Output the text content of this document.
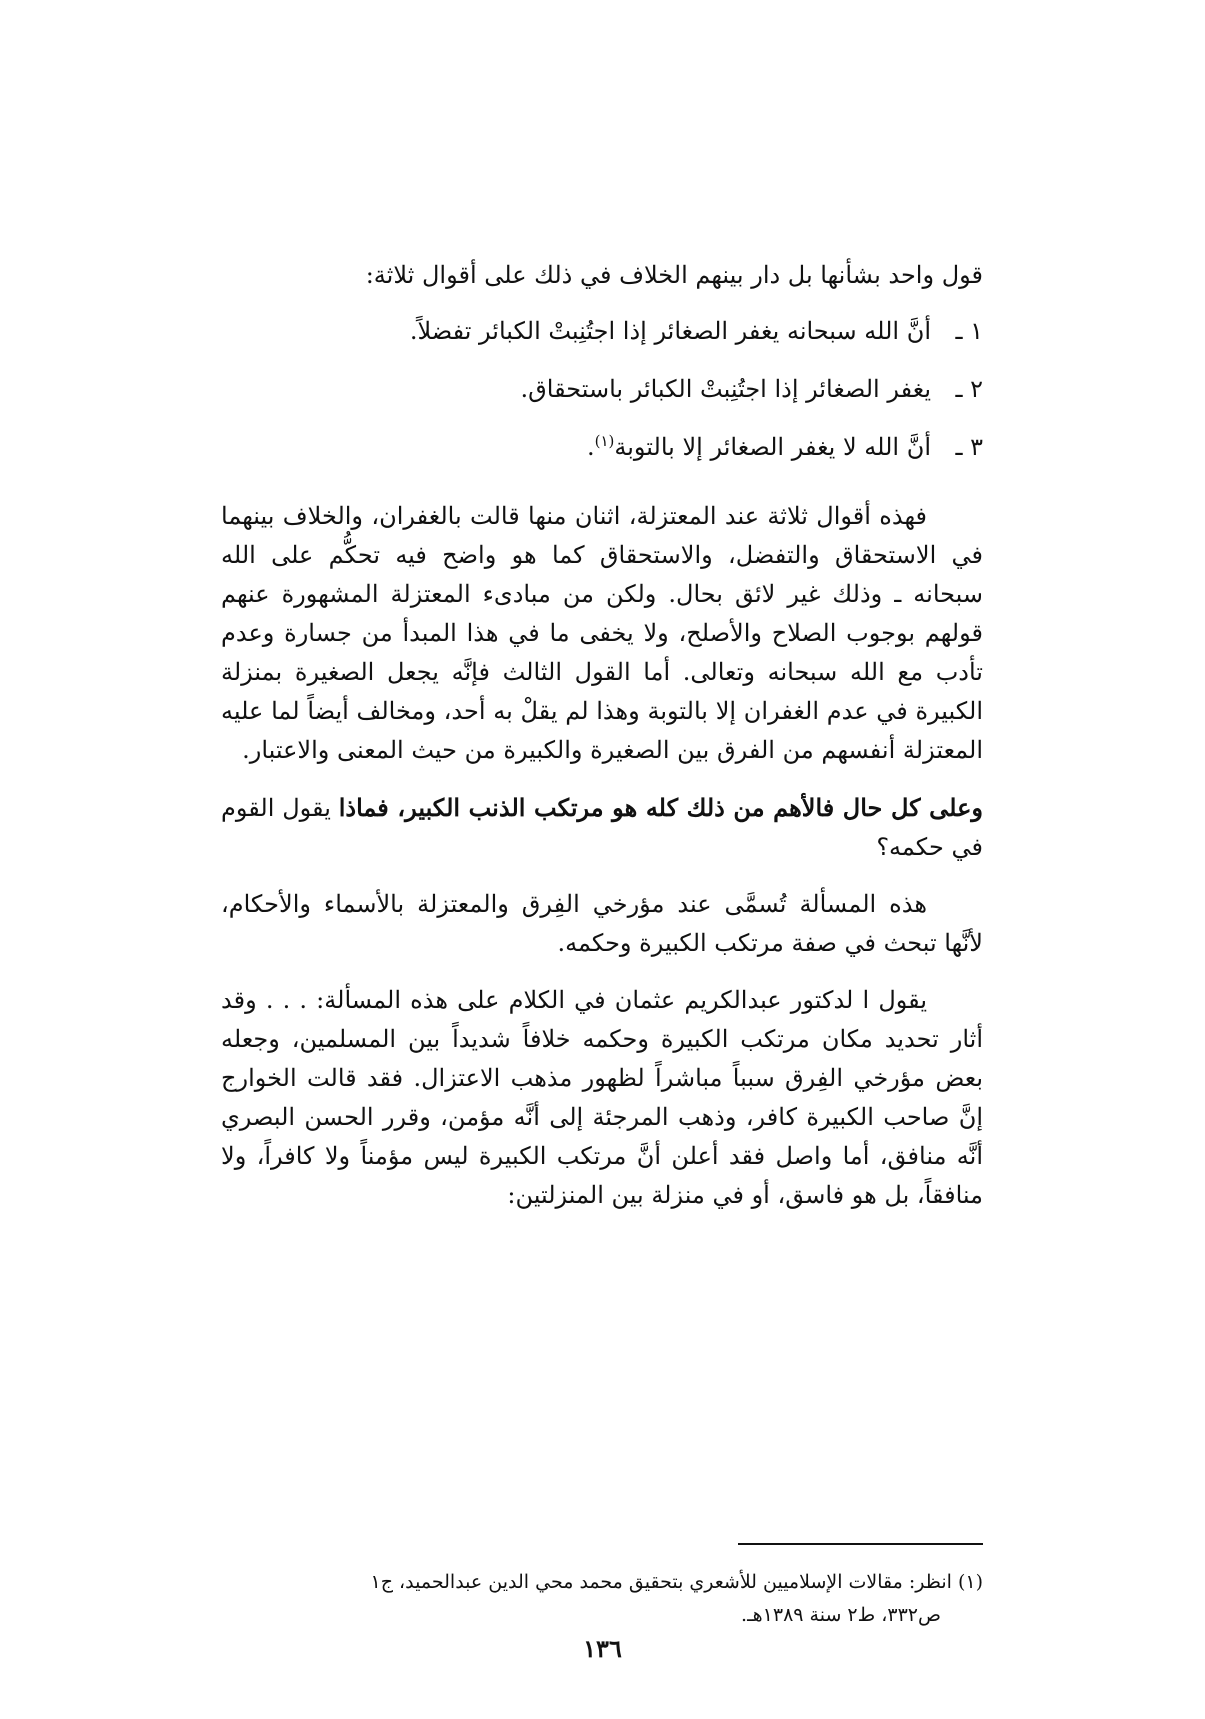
قول واحد بشأنها بل دار بينهم الخلاف في ذلك على أقوال ثلاثة:

١ ـ
أنَّ الله سبحانه يغفر الصغائر إذا اجتُنِبتْ الكبائر تفضلاً.
٢ ـ
يغفر الصغائر إذا اجتُنِبتْ الكبائر باستحقاق.
٣ ـ
أنَّ الله لا يغفر الصغائر إلا بالتوبة$^{(١)}$.

فهذه أقوال ثلاثة عند المعتزلة، اثنان منها قالت بالغفران، والخلاف بينهما في الاستحقاق والتفضل، والاستحقاق كما هو واضح فيه تحكُّم على الله سبحانه ـ وذلك غير لائق بحال. ولكن من مبادىء المعتزلة المشهورة عنهم قولهم بوجوب الصلاح والأصلح، ولا يخفى ما في هذا المبدأ من جسارة وعدم تأدب مع الله سبحانه وتعالى. أما القول الثالث فإنَّه يجعل الصغيرة بمنزلة الكبيرة في عدم الغفران إلا بالتوبة وهذا لم يقلْ به أحد، ومخالف أيضاً لما عليه المعتزلة أنفسهم من الفرق بين الصغيرة والكبيرة من حيث المعنى والاعتبار.

وعلى كل حال فالأهم من ذلك كله هو مرتكب الذنب الكبير، فماذا يقول القوم في حكمه؟

هذه المسألة تُسمَّى عند مؤرخي الفِرق والمعتزلة بالأسماء والأحكام، لأنَّها تبحث في صفة مرتكب الكبيرة وحكمه.

يقول ا لدكتور عبدالكريم عثمان في الكلام على هذه المسألة: . . . وقد أثار تحديد مكان مرتكب الكبيرة وحكمه خلافاً شديداً بين المسلمين، وجعله بعض مؤرخي الفِرق سبباً مباشراً لظهور مذهب الاعتزال. فقد قالت الخوارج إنَّ صاحب الكبيرة كافر، وذهب المرجئة إلى أنَّه مؤمن، وقرر الحسن البصري أنَّه منافق، أما واصل فقد أعلن أنَّ مرتكب الكبيرة ليس مؤمناً ولا كافراً، ولا منافقاً، بل هو فاسق، أو في منزلة بين المنزلتين:

(١) انظر: مقالات الإسلاميين للأشعري بتحقيق محمد محي الدين عبدالحميد، ج١

ص٣٣٢، ط٢ سنة ١٣٨٩هـ.

١٣٦
